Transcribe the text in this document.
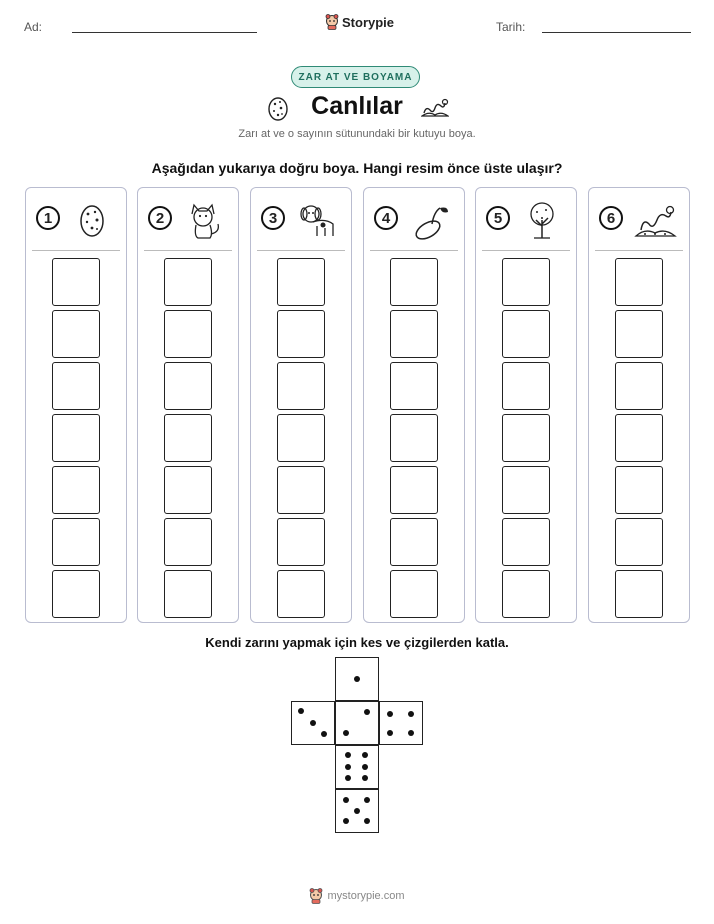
Ad:	Storypie	Tarih:
ZAR AT VE BOYAMA
Canlılar
Zarı at ve o sayının sütunundaki bir kutuyu boya.
Aşağıdan yukarıya doğru boya. Hangi resim önce üste ulaşır?
1	2	3	4	5	6
Kendi zarını yapmak için kes ve çizgilerden katla.
mystorypie.com
